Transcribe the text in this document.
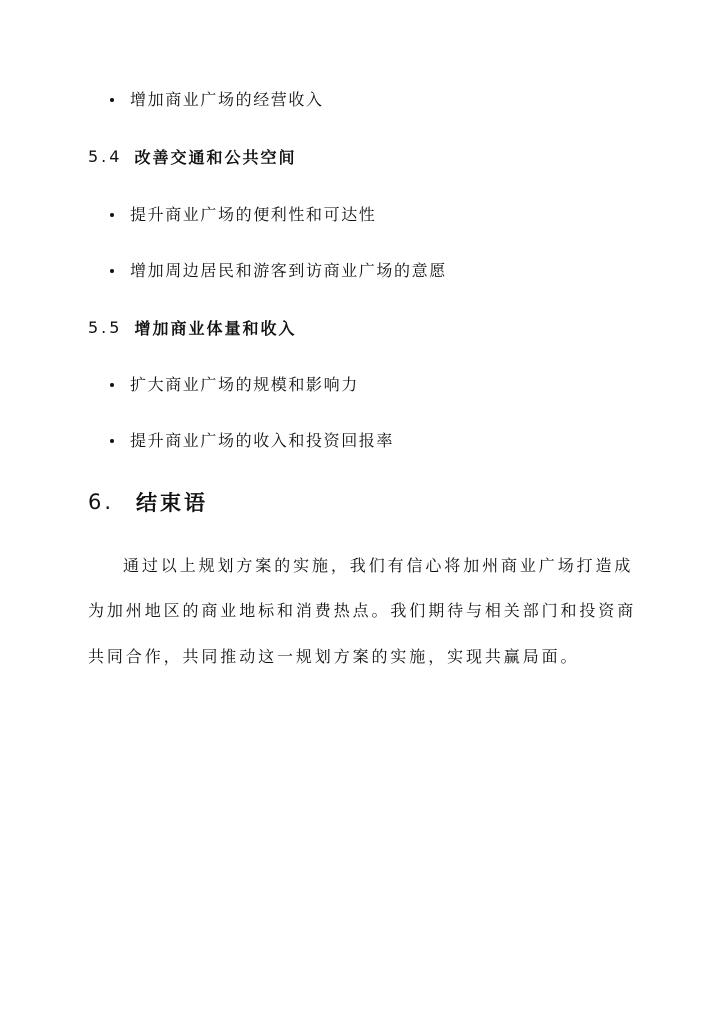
增加商业广场的经营收入
5.4 改善交通和公共空间
提升商业广场的便利性和可达性
增加周边居民和游客到访商业广场的意愿
5.5 增加商业体量和收入
扩大商业广场的规模和影响力
提升商业广场的收入和投资回报率
6. 结束语
通过以上规划方案的实施，我们有信心将加州商业广场打造成
为加州地区的商业地标和消费热点。我们期待与相关部门和投资商
共同合作，共同推动这一规划方案的实施，实现共赢局面。
